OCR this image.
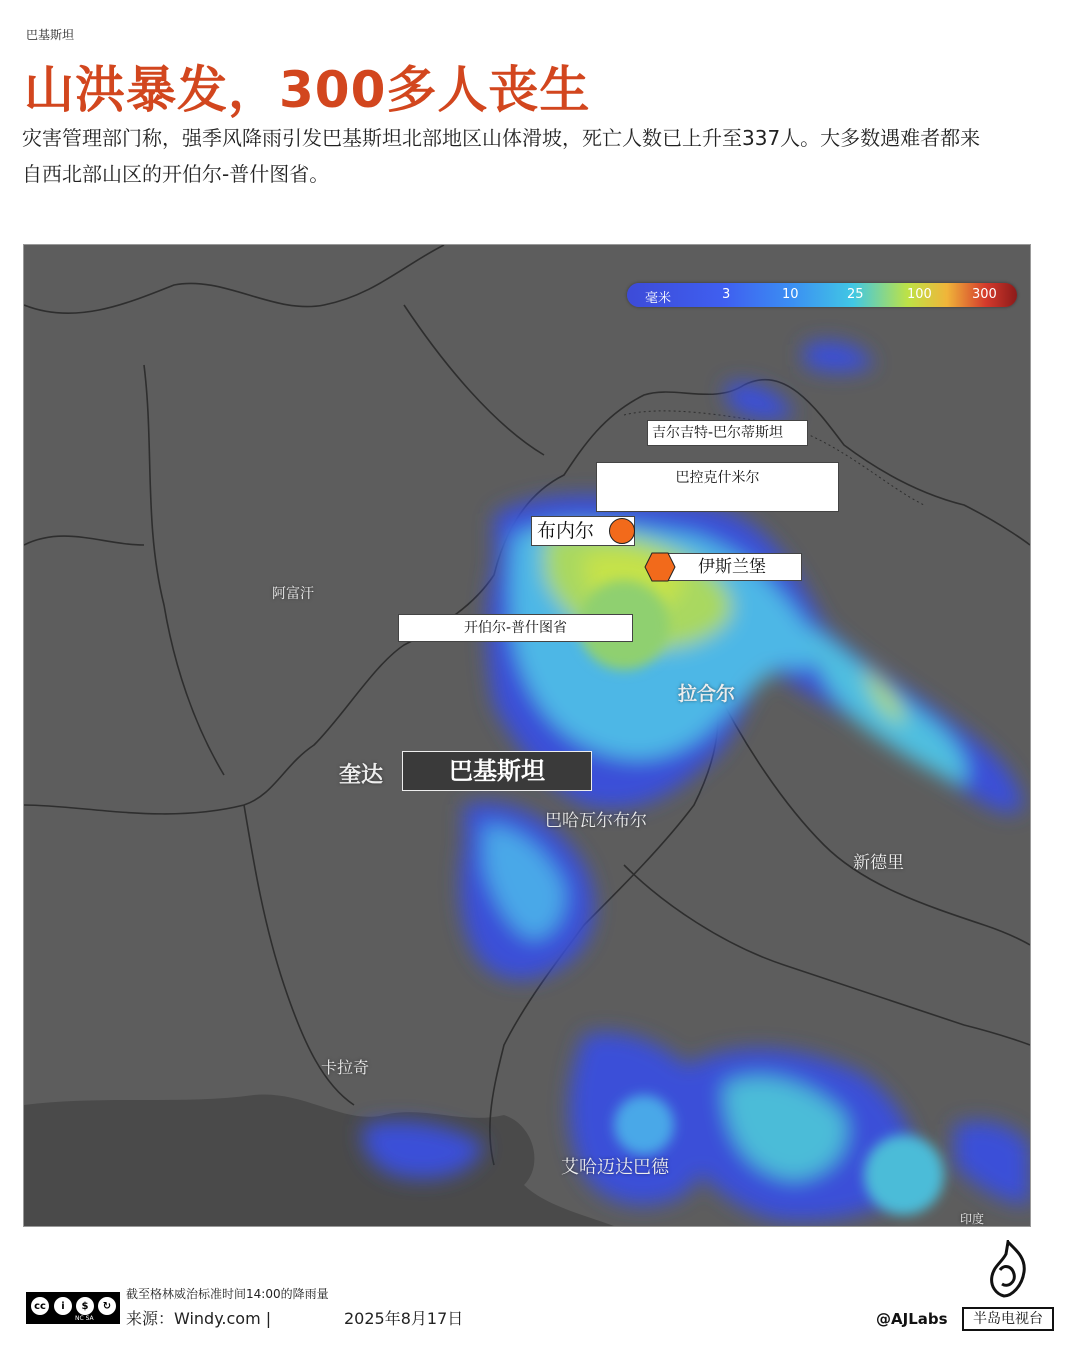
巴基斯坦
山洪暴发，300多人丧生
灾害管理部门称，强季风降雨引发巴基斯坦北部地区山体滑坡，死亡人数已上升至337人。大多数遇难者都来自西北部山区的开伯尔-普什图省。
毫米	3	10	25	100	300
吉尔吉特-巴尔蒂斯坦
巴控克什米尔
布内尔
伊斯兰堡
阿富汗
开伯尔-普什图省
拉合尔
奎达	巴基斯坦
巴哈瓦尔布尔
新德里
卡拉奇
艾哈迈达巴德
印度
cc	i	$	↻
NC SA
截至格林威治标准时间14:00的降雨量
来源：Windy.com |	2025年8月17日	@AJLabs	半岛电视台
